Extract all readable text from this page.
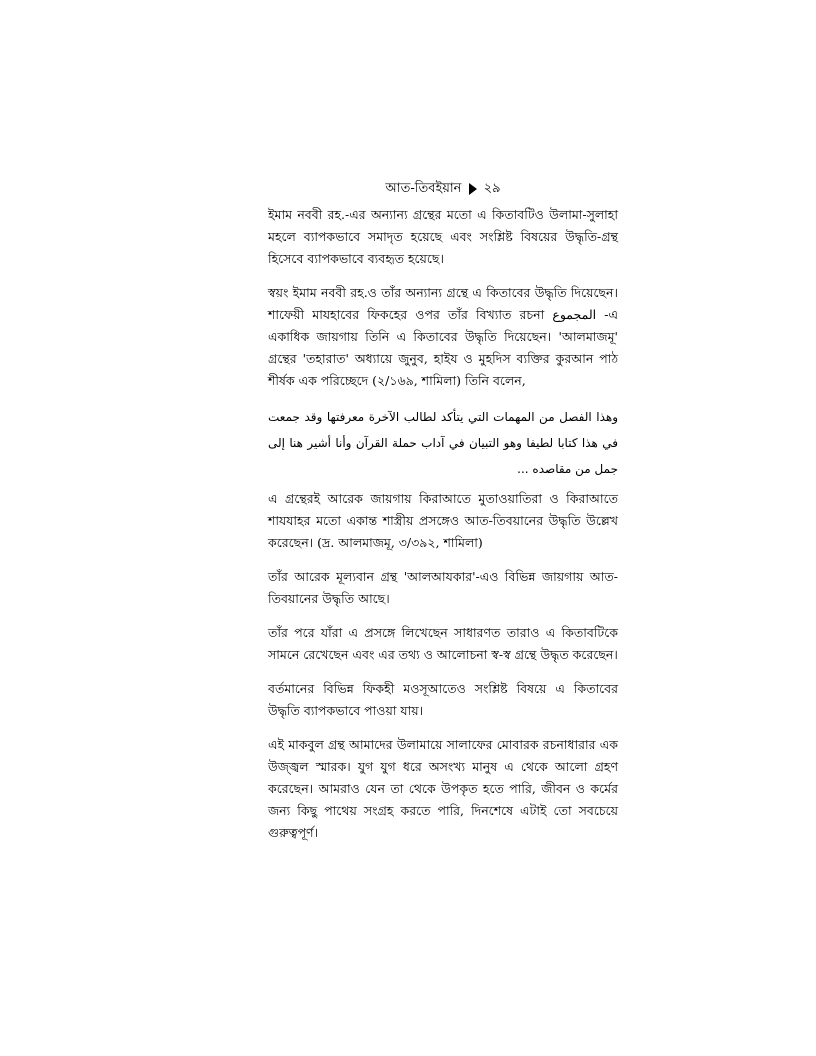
আত-তিবইয়ান ২৯

ইমাম নববী রহ.-এর অন্যান্য গ্রন্থের মতো এ কিতাবটিও উলামা-সুলাহা মহলে ব্যাপকভাবে সমাদৃত হয়েছে এবং সংশ্লিষ্ট বিষয়ের উদ্ধৃতি-গ্রন্থ হিসেবে ব্যাপকভাবে ব্যবহৃত হয়েছে।

স্বয়ং ইমাম নববী রহ.ও তাঁর অন্যান্য গ্রন্থে এ কিতাবের উদ্ধৃতি দিয়েছেন। শাফেয়ী মাযহাবের ফিকহের ওপর তাঁর বিখ্যাত রচনা المجموع -এ একাধিক জায়গায় তিনি এ কিতাবের উদ্ধৃতি দিয়েছেন। 'আলমাজমূ' গ্রন্থের 'তহারাত' অধ্যায়ে জুনুব, হাইয ও মুহদিস ব্যক্তির কুরআন পাঠ শীর্ষক এক পরিচ্ছেদে (২/১৬৯, শামিলা) তিনি বলেন,

وهذا الفصل من المهمات التي يتأكد لطالب الآخرة معرفتها وقد جمعت في هذا كتابا لطيفا وهو التبيان في آداب حملة القرآن وأنا أشير هنا إلى جمل من مقاصده ...

এ গ্রন্থেরই আরেক জায়গায় কিরাআতে মুতাওয়াতিরা ও কিরাআতে শাযযাহর মতো একান্ত শাস্ত্রীয় প্রসঙ্গেও আত-তিবয়ানের উদ্ধৃতি উল্লেখ করেছেন। (দ্র. আলমাজমূ, ৩/৩৯২, শামিলা)

তাঁর আরেক মূল্যবান গ্রন্থ 'আলআযকার'-এও বিভিন্ন জায়গায় আত-তিবয়ানের উদ্ধৃতি আছে।

তাঁর পরে যাঁরা এ প্রসঙ্গে লিখেছেন সাধারণত তারাও এ কিতাবটিকে সামনে রেখেছেন এবং এর তথ্য ও আলোচনা স্ব-স্ব গ্রন্থে উদ্ধৃত করেছেন।

বর্তমানের বিভিন্ন ফিকহী মওসূআতেও সংশ্লিষ্ট বিষয়ে এ কিতাবের উদ্ধৃতি ব্যাপকভাবে পাওয়া যায়।

এই মাকবুল গ্রন্থ আমাদের উলামায়ে সালাফের মোবারক রচনাধারার এক উজ্জ্বল স্মারক। যুগ যুগ ধরে অসংখ্য মানুষ এ থেকে আলো গ্রহণ করেছেন। আমরাও যেন তা থেকে উপকৃত হতে পারি, জীবন ও কর্মের জন্য কিছু পাথেয় সংগ্রহ করতে পারি, দিনশেষে এটাই তো সবচেয়ে গুরুত্বপূর্ণ।
